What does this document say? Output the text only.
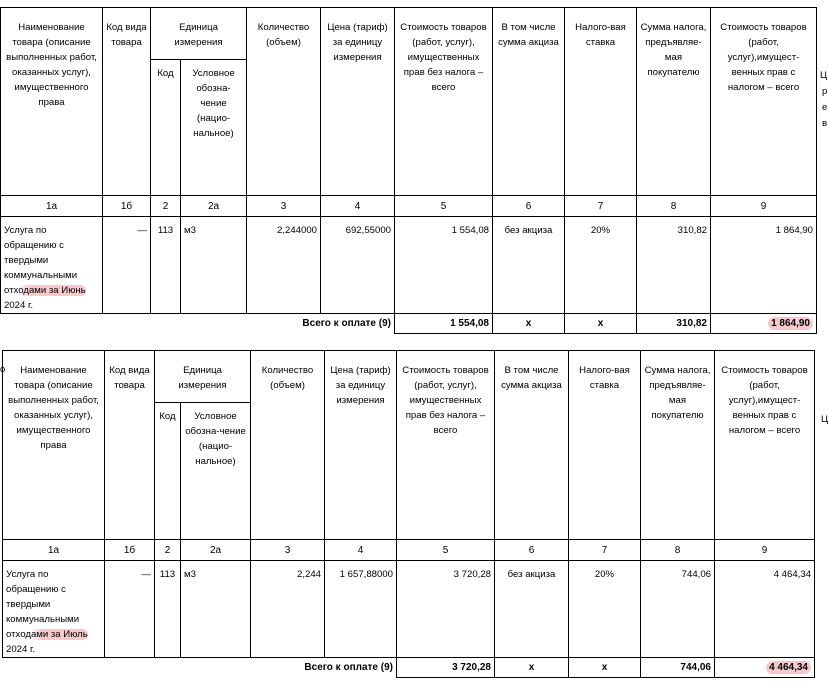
Наименование товара (описание выполненных работ, оказанных услуг), имущественного права	Код вида товара	Единица измерения		Количество (объем)	Цена (тариф) за единицу измерения	Стоимость товаров (работ, услуг), имущественных прав без налога – всего	В том числе сумма акциза	Налого-вая ставка	Сумма налога, предъявляе-мая покупателю	Стоимость товаров (работ, услуг),имущест-венных прав с налогом – всего
		Код	Условное обозна-чение (нацио-нальное)							
1а	1б	2	2а	3	4	5	6	7	8	9
Услуга по обращению с твердыми коммунальными отходами за Июнь
2024 г.	—	113	м3	2,244000	692,55000	1 554,08	без акциза	20%	310,82	1 864,90
Всего к оплате (9)						1 554,08	х	х	310,82	1 864,90
Ц
р
е
в
Наименование товара (описание выполненных работ, оказанных услуг), имущественного права	Код вида товара	Единица измерения		Количество (объем)	Цена (тариф) за единицу измерения	Стоимость товаров (работ, услуг), имущественных прав без налога – всего	В том числе сумма акциза	Налого-вая ставка	Сумма налога, предъявляе-мая покупателю	Стоимость товаров (работ, услуг),имущест-венных прав с налогом – всего
		Код	Условное обозна-чение (нацио-нальное)							
1а	1б	2	2а	3	4	5	6	7	8	9
Услуга по обращению с твердыми коммунальными отходами за Июль
2024 г.	—	113	м3	2,244	1 657,88000	3 720,28	без акциза	20%	744,06	4 464,34
Всего к оплате (9)						3 720,28	х	х	744,06	4 464,34
о
Ц
